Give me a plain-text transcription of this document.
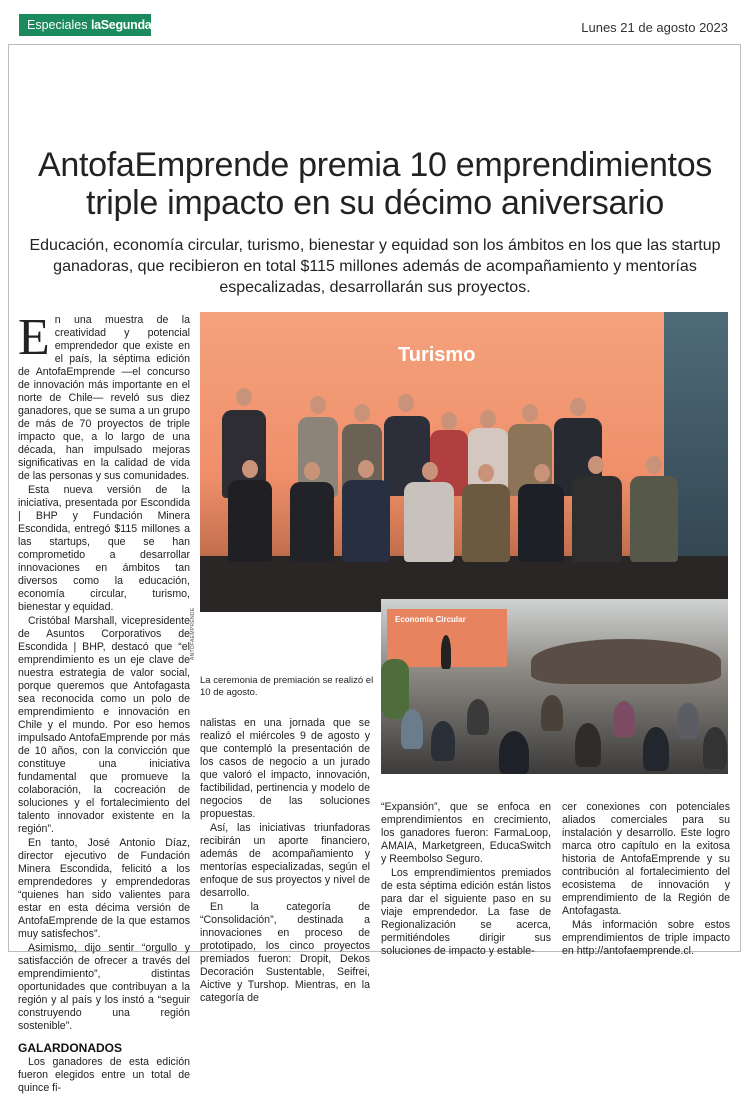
Especiales laSegunda	Lunes 21 de agosto 2023
AntofaEmprende premia 10 emprendimientos
triple impacto en su décimo aniversario
Educación, economía circular, turismo, bienestar y equidad son los ámbitos en los que las startup ganadoras, que recibieron en total $115 millones además de acompañamiento y mentorías especalizadas, desarrollarán sus proyectos.
E n una muestra de la creatividad y potencial emprendedor que existe en el país, la séptima edición de AntofaEmprende —el concurso de innovación más importante en el norte de Chile— reveló sus diez ganadores, que se suma a un grupo de más de 70 proyectos de triple impacto que, a lo largo de una década, han impulsado mejoras significativas en la calidad de vida de las personas y sus comunidades.

Esta nueva versión de la iniciativa, presentada por Escondida | BHP y Fundación Minera Escondida, entregó $115 millones a las startups, que se han comprometido a desarrollar innovaciones en ámbitos tan diversos como la educación, economía circular, turismo, bienestar y equidad.

Cristóbal Marshall, vicepresidente de Asuntos Corporativos de Escondida | BHP, destacó que “el emprendimiento es un eje clave de nuestra estrategia de valor social, porque queremos que Antofagasta sea reconocida como un polo de emprendimiento e innovación en Chile y el mundo. Por eso hemos impulsado AntofaEmprende por más de 10 años, con la convicción que constituye una iniciativa fundamental que promueve la colaboración, la cocreación de soluciones y el fortalecimiento del talento innovador existente en la región”.

En tanto, José Antonio Díaz, director ejecutivo de Fundación Minera Escondida, felicitó a los emprendedores y emprendedoras “quienes han sido valientes para estar en esta décima versión de AntofaEmprende de la que estamos muy satisfechos”.

Asimismo, dijo sentir “orgullo y satisfacción de ofrecer a través del emprendimiento”, distintas oportunidades que contribuyan a la región y al país y los instó a “seguir construyendo una región sostenible”.

GALARDONADOS

Los ganadores de esta edición fueron elegidos entre un total de quince fi-

Turismo
ANTOFAEMPRENDE
La ceremonia de premiación se realizó el 10 de agosto.
Economía Circular

nalistas en una jornada que se realizó el miércoles 9 de agosto y que contempló la presentación de los casos de negocio a un jurado que valoró el impacto, innovación, factibilidad, pertinencia y modelo de negocios de las soluciones propuestas.

Así, las iniciativas triunfadoras recibirán un aporte financiero, además de acompañamiento y mentorías especializadas, según el enfoque de sus proyectos y nivel de desarrollo.

En la categoría de “Consolidación”, destinada a innovaciones en proceso de prototipado, los cinco proyectos premiados fueron: Dropit, Dekos Decoración Sustentable, Seifrei, Aictive y Turshop. Mientras, en la categoría de

“Expansión”, que se enfoca en emprendimientos en crecimiento, los ganadores fueron: FarmaLoop, AMAIA, Marketgreen, EducaSwitch y Reembolso Seguro.

Los emprendimientos premiados de esta séptima edición están listos para dar el siguiente paso en su viaje emprendedor. La fase de Regionalización se acerca, permitiéndoles dirigir sus soluciones de impacto y estable-

cer conexiones con potenciales aliados comerciales para su instalación y desarrollo. Este logro marca otro capítulo en la exitosa historia de AntofaEmprende y su contribución al fortalecimiento del ecosistema de innovación y emprendimiento de la Región de Antofagasta.

Más información sobre estos emprendimientos de triple impacto en http://antofaemprende.cl.
